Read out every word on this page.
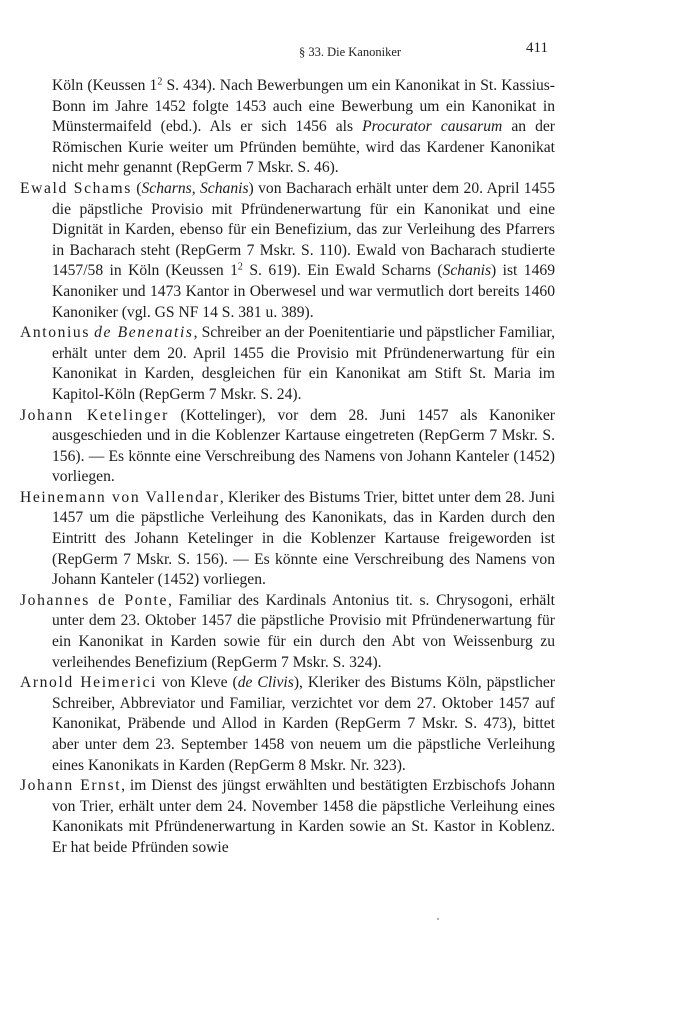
§ 33. Die Kanoniker	411

Köln (Keussen $1^2$ S. 434). Nach Bewerbungen um ein Kanonikat in St. Kassius-Bonn im Jahre 1452 folgte 1453 auch eine Bewerbung um ein Kanonikat in Münstermaifeld (ebd.). Als er sich 1456 als Procurator causarum an der Römischen Kurie weiter um Pfründen bemühte, wird das Kardener Kanonikat nicht mehr genannt (RepGerm 7 Mskr. S. 46).

Ewald Schams (Scharns, Schanis) von Bacharach erhält unter dem 20. April 1455 die päpstliche Provisio mit Pfründenerwartung für ein Kanonikat und eine Dignität in Karden, ebenso für ein Benefizium, das zur Verleihung des Pfarrers in Bacharach steht (RepGerm 7 Mskr. S. 110). Ewald von Bacharach studierte 1457/58 in Köln (Keussen $1^2$ S. 619). Ein Ewald Scharns (Schanis) ist 1469 Kanoniker und 1473 Kantor in Oberwesel und war vermutlich dort bereits 1460 Kanoniker (vgl. GS NF 14 S. 381 u. 389).

Antonius de Benenatis, Schreiber an der Poenitentiarie und päpstlicher Familiar, erhält unter dem 20. April 1455 die Provisio mit Pfründenerwartung für ein Kanonikat in Karden, desgleichen für ein Kanonikat am Stift St. Maria im Kapitol-Köln (RepGerm 7 Mskr. S. 24).

Johann Ketelinger (Kottelinger), vor dem 28. Juni 1457 als Kanoniker ausgeschieden und in die Koblenzer Kartause eingetreten (RepGerm 7 Mskr. S. 156). — Es könnte eine Verschreibung des Namens von Johann Kanteler (1452) vorliegen.

Heinemann von Vallendar, Kleriker des Bistums Trier, bittet unter dem 28. Juni 1457 um die päpstliche Verleihung des Kanonikats, das in Karden durch den Eintritt des Johann Ketelinger in die Koblenzer Kartause freigeworden ist (RepGerm 7 Mskr. S. 156). — Es könnte eine Verschreibung des Namens von Johann Kanteler (1452) vorliegen.

Johannes de Ponte, Familiar des Kardinals Antonius tit. s. Chrysogoni, erhält unter dem 23. Oktober 1457 die päpstliche Provisio mit Pfründenerwartung für ein Kanonikat in Karden sowie für ein durch den Abt von Weissenburg zu verleihendes Benefizium (RepGerm 7 Mskr. S. 324).

Arnold Heimerici von Kleve (de Clivis), Kleriker des Bistums Köln, päpstlicher Schreiber, Abbreviator und Familiar, verzichtet vor dem 27. Oktober 1457 auf Kanonikat, Präbende und Allod in Karden (RepGerm 7 Mskr. S. 473), bittet aber unter dem 23. September 1458 von neuem um die päpstliche Verleihung eines Kanonikats in Karden (RepGerm 8 Mskr. Nr. 323).

Johann Ernst, im Dienst des jüngst erwählten und bestätigten Erzbischofs Johann von Trier, erhält unter dem 24. November 1458 die päpstliche Verleihung eines Kanonikats mit Pfründenerwartung in Karden sowie an St. Kastor in Koblenz. Er hat beide Pfründen sowie
